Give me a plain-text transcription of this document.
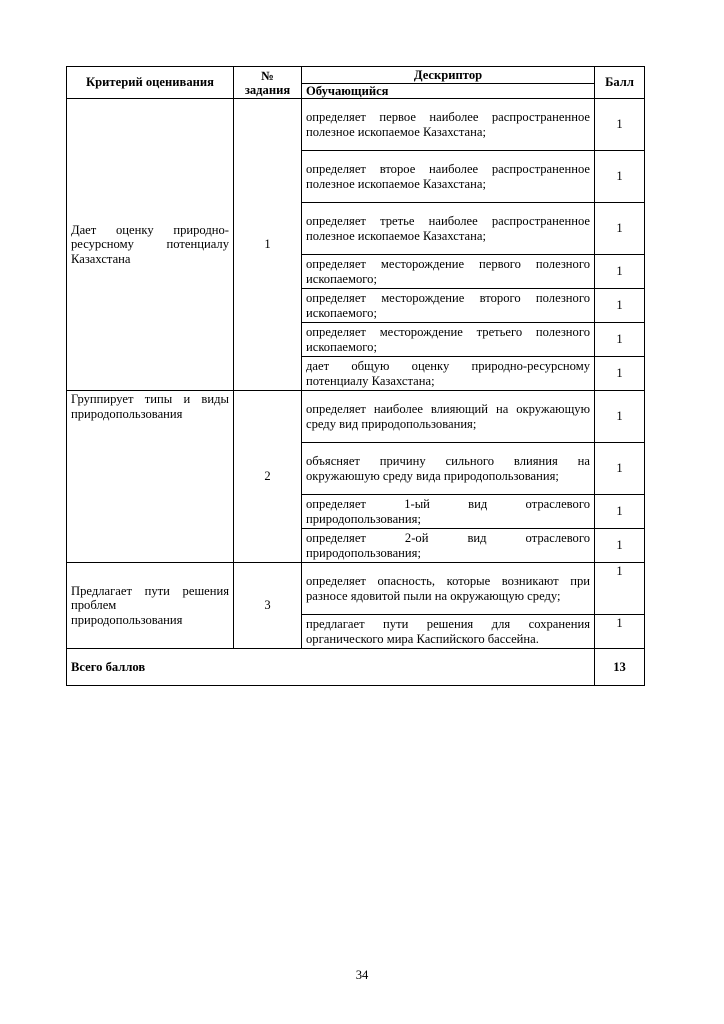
Критерий оценивания	№ задания	Дескриптор	Балл
		Обучающийся	

Дает оценку природно-ресурсному потенциалу Казахстана	1	определяет первое наиболее распространенное полезное ископаемое Казахстана;	1
		определяет второе наиболее распространенное полезное ископаемое Казахстана;	1
		определяет третье наиболее распространенное полезное ископаемое Казахстана;	1
		определяет месторождение первого полезного ископаемого;	1
		определяет месторождение второго полезного ископаемого;	1
		определяет месторождение третьего полезного ископаемого;	1
		дает общую оценку природно-ресурсному потенциалу Казахстана;	1

Группирует типы и виды природопользования	2	определяет наиболее влияющий на окружающую среду вид природопользования;	1
		объясняет причину сильного влияния на окружаюшую среду вида природопользования;	1
		определяет 1-ый вид отраслевого природопользования;	1
		определяет 2-ой вид отраслевого природопользования;	1

Предлагает пути решения проблем природопользования	3	определяет опасность, которые возникают при разносе ядовитой пыли на окружающую среду;	1
		предлагает пути решения для сохранения органического мира Каспийского бассейна.	1
Всего баллов			13
34
